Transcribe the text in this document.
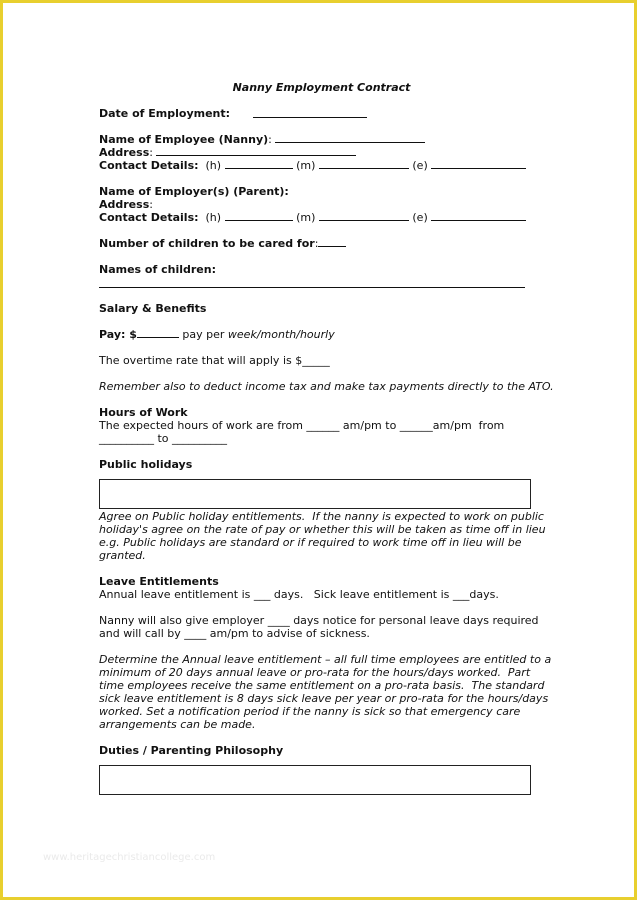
Nanny Employment Contract
Date of Employment:
Name of Employee (Nanny):
Address:
Contact Details: (h)	(m)	(e)
Name of Employer(s) (Parent):
Address:
Contact Details: (h)	(m)	(e)
Number of children to be cared for:
Names of children:
Salary & Benefits
Pay: $	pay per week/month/hourly
The overtime rate that will apply is $_____
Remember also to deduct income tax and make tax payments directly to the ATO.
Hours of Work
The expected hours of work are from ______ am/pm to ______am/pm  from
__________ to __________
Public holidays
Agree on Public holiday entitlements.  If the nanny is expected to work on public
holiday's agree on the rate of pay or whether this will be taken as time off in lieu
e.g. Public holidays are standard or if required to work time off in lieu will be
granted.
Leave Entitlements
Annual leave entitlement is ___ days.   Sick leave entitlement is ___days.
Nanny will also give employer ____ days notice for personal leave days required
and will call by ____ am/pm to advise of sickness.
Determine the Annual leave entitlement – all full time employees are entitled to a
minimum of 20 days annual leave or pro-rata for the hours/days worked.  Part
time employees receive the same entitlement on a pro-rata basis.  The standard
sick leave entitlement is 8 days sick leave per year or pro-rata for the hours/days
worked. Set a notification period if the nanny is sick so that emergency care
arrangements can be made.
Duties / Parenting Philosophy
www.heritagechristiancollege.com
